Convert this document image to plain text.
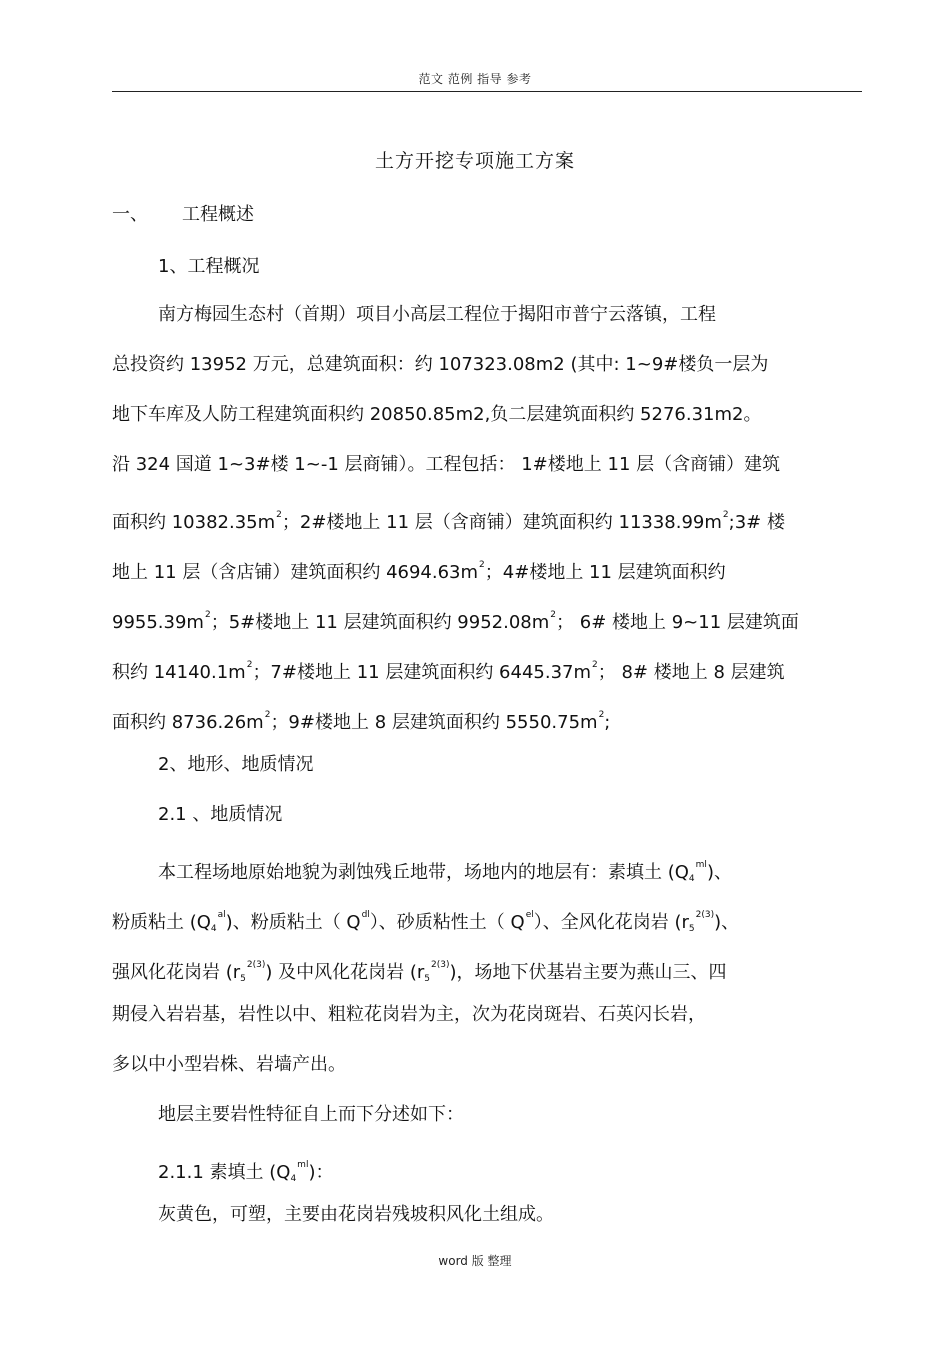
范文 范例 指导 参考
土方开挖专项施工方案
一、 工程概述
1、工程概况
南方梅园生态村（首期）项目小高层工程位于揭阳市普宁云落镇，工程
总投资约 13952 万元，总建筑面积：约 107323.08m2 (其中: 1~9#楼负一层为
地下车库及人防工程建筑面积约 20850.85m2,负二层建筑面积约 5276.31m2。
沿 324 国道 1~3#楼 1~-1 层商铺）。工程包括： 1#楼地上 11 层（含商铺）建筑
面积约 $10382.35m^2$；2#楼地上 11 层（含商铺）建筑面积约 $11338.99m^2;3\#$ 楼
地上 11 层（含店铺）建筑面积约 $4694.63m^2$；4#楼地上 11 层建筑面积约
$9955.39m^2$；5#楼地上 11 层建筑面积约 $9952.08m^2$； 6# 楼地上 9~11 层建筑面
积约 $14140.1m^2$；7#楼地上 11 层建筑面积约 $6445.37m^2$； 8# 楼地上 8 层建筑
面积约 $8736.26m^2$；9#楼地上 8 层建筑面积约 $5550.75m^2$;
2、地形、地质情况
2.1 、地质情况
本工程场地原始地貌为剥蚀残丘地带，场地内的地层有：素填土 $(Q_4^{ml})$、
粉质粘土 $(Q_4^{al})$、粉质粘土（ $Q^{dl}$）、砂质粘性土（ $Q^{el}$）、全风化花岗岩 $(r_5^{2(3)})$、
强风化花岗岩 $(r_5^{2(3)})$ 及中风化花岗岩 $(r_5^{2(3)})$，场地下伏基岩主要为燕山三、四
期侵入岩岩基，岩性以中、粗粒花岗岩为主，次为花岗斑岩、石英闪长岩，
多以中小型岩株、岩墙产出。
地层主要岩性特征自上而下分述如下：
2.1.1 素填土 $(Q_4^{ml})$：
灰黄色，可塑，主要由花岗岩残坡积风化土组成。
word 版 整理
